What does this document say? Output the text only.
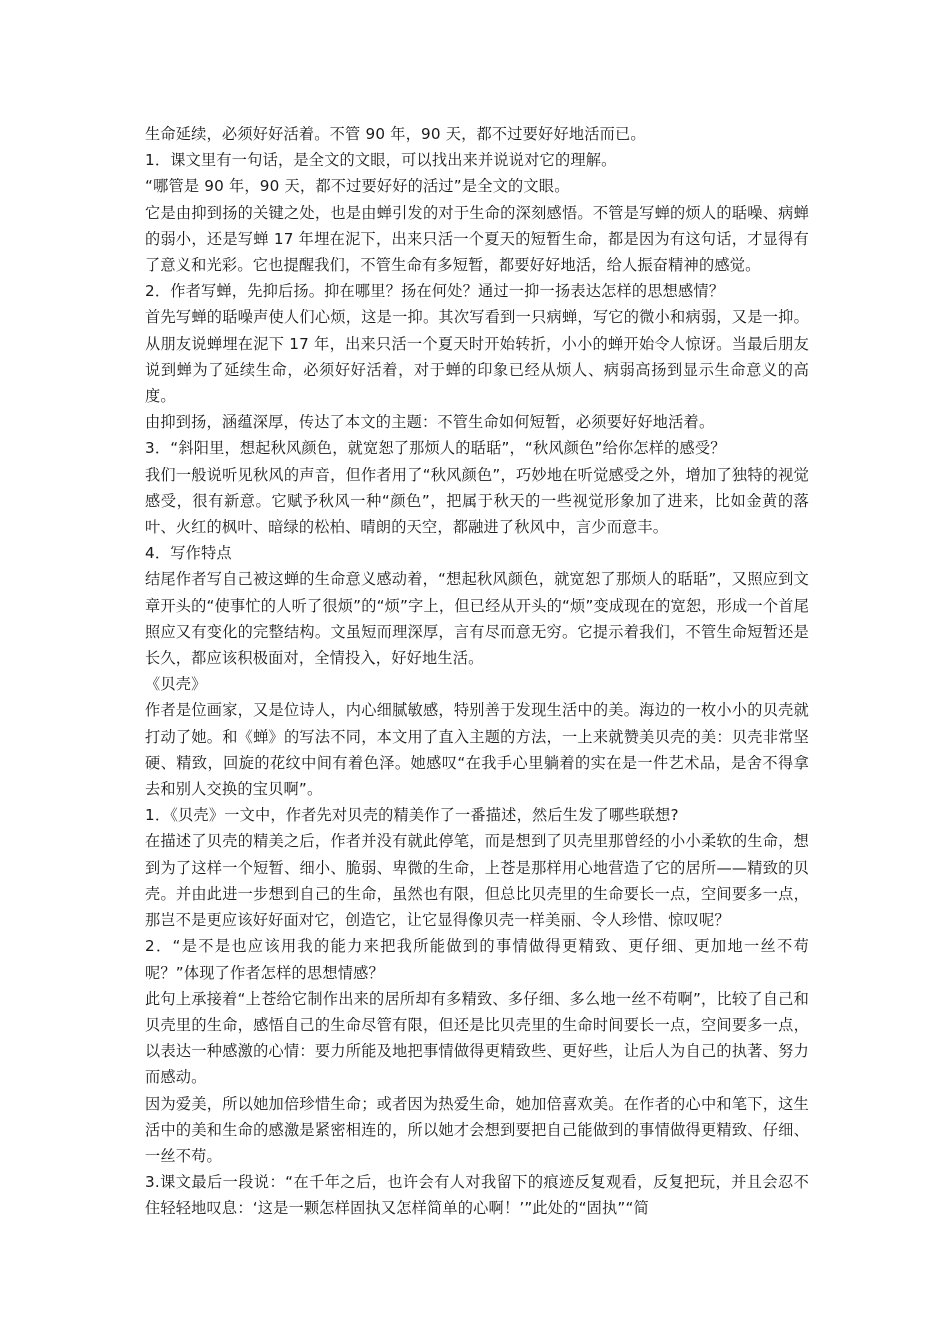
生命延续，必须好好活着。不管 90 年，90 天，都不过要好好地活而已。

1．课文里有一句话，是全文的文眼，可以找出来并说说对它的理解。

“哪管是 90 年，90 天，都不过要好好的活过”是全文的文眼。

它是由抑到扬的关键之处，也是由蝉引发的对于生命的深刻感悟。不管是写蝉的烦人的聒噪、病蝉的弱小，还是写蝉 17 年埋在泥下，出来只活一个夏天的短暂生命，都是因为有这句话，才显得有了意义和光彩。它也提醒我们，不管生命有多短暂，都要好好地活，给人振奋精神的感觉。

2．作者写蝉，先抑后扬。抑在哪里？扬在何处？通过一抑一扬表达怎样的思想感情？

首先写蝉的聒噪声使人们心烦，这是一抑。其次写看到一只病蝉，写它的微小和病弱，又是一抑。从朋友说蝉埋在泥下 17 年，出来只活一个夏天时开始转折，小小的蝉开始令人惊讶。当最后朋友说到蝉为了延续生命，必须好好活着，对于蝉的印象已经从烦人、病弱高扬到显示生命意义的高度。

由抑到扬，涵蕴深厚，传达了本文的主题：不管生命如何短暂，必须要好好地活着。

3．“斜阳里，想起秋风颜色，就宽恕了那烦人的聒聒”，“秋风颜色”给你怎样的感受？

我们一般说听见秋风的声音，但作者用了“秋风颜色”，巧妙地在听觉感受之外，增加了独特的视觉感受，很有新意。它赋予秋风一种“颜色”，把属于秋天的一些视觉形象加了进来，比如金黄的落叶、火红的枫叶、暗绿的松柏、晴朗的天空，都融进了秋风中，言少而意丰。

4．写作特点

结尾作者写自己被这蝉的生命意义感动着，“想起秋风颜色，就宽恕了那烦人的聒聒”，又照应到文章开头的“使事忙的人听了很烦”的“烦”字上，但已经从开头的“烦”变成现在的宽恕，形成一个首尾照应又有变化的完整结构。文虽短而理深厚，言有尽而意无穷。它提示着我们，不管生命短暂还是长久，都应该积极面对，全情投入，好好地生活。

《贝壳》

作者是位画家，又是位诗人，内心细腻敏感，特别善于发现生活中的美。海边的一枚小小的贝壳就打动了她。和《蝉》的写法不同，本文用了直入主题的方法，一上来就赞美贝壳的美：贝壳非常坚硬、精致，回旋的花纹中间有着色泽。她感叹“在我手心里躺着的实在是一件艺术品，是舍不得拿去和别人交换的宝贝啊”。

1．《贝壳》一文中，作者先对贝壳的精美作了一番描述，然后生发了哪些联想?

在描述了贝壳的精美之后，作者并没有就此停笔，而是想到了贝壳里那曾经的小小柔软的生命，想到为了这样一个短暂、细小、脆弱、卑微的生命，上苍是那样用心地营造了它的居所——精致的贝壳。并由此进一步想到自己的生命，虽然也有限，但总比贝壳里的生命要长一点，空间要多一点，那岂不是更应该好好面对它，创造它，让它显得像贝壳一样美丽、令人珍惜、惊叹呢？

2．“是不是也应该用我的能力来把我所能做到的事情做得更精致、更仔细、更加地一丝不苟呢？”体现了作者怎样的思想情感？

此句上承接着“上苍给它制作出来的居所却有多精致、多仔细、多么地一丝不苟啊”，比较了自己和贝壳里的生命，感悟自己的生命尽管有限，但还是比贝壳里的生命时间要长一点，空间要多一点，以表达一种感激的心情：要力所能及地把事情做得更精致些、更好些，让后人为自己的执著、努力而感动。

因为爱美，所以她加倍珍惜生命；或者因为热爱生命，她加倍喜欢美。在作者的心中和笔下，这生活中的美和生命的感激是紧密相连的，所以她才会想到要把自己能做到的事情做得更精致、仔细、一丝不苟。

3.课文最后一段说：“在千年之后，也许会有人对我留下的痕迹反复观看，反复把玩，并且会忍不住轻轻地叹息：‘这是一颗怎样固执又怎样简单的心啊！’”此处的“固执”“简
